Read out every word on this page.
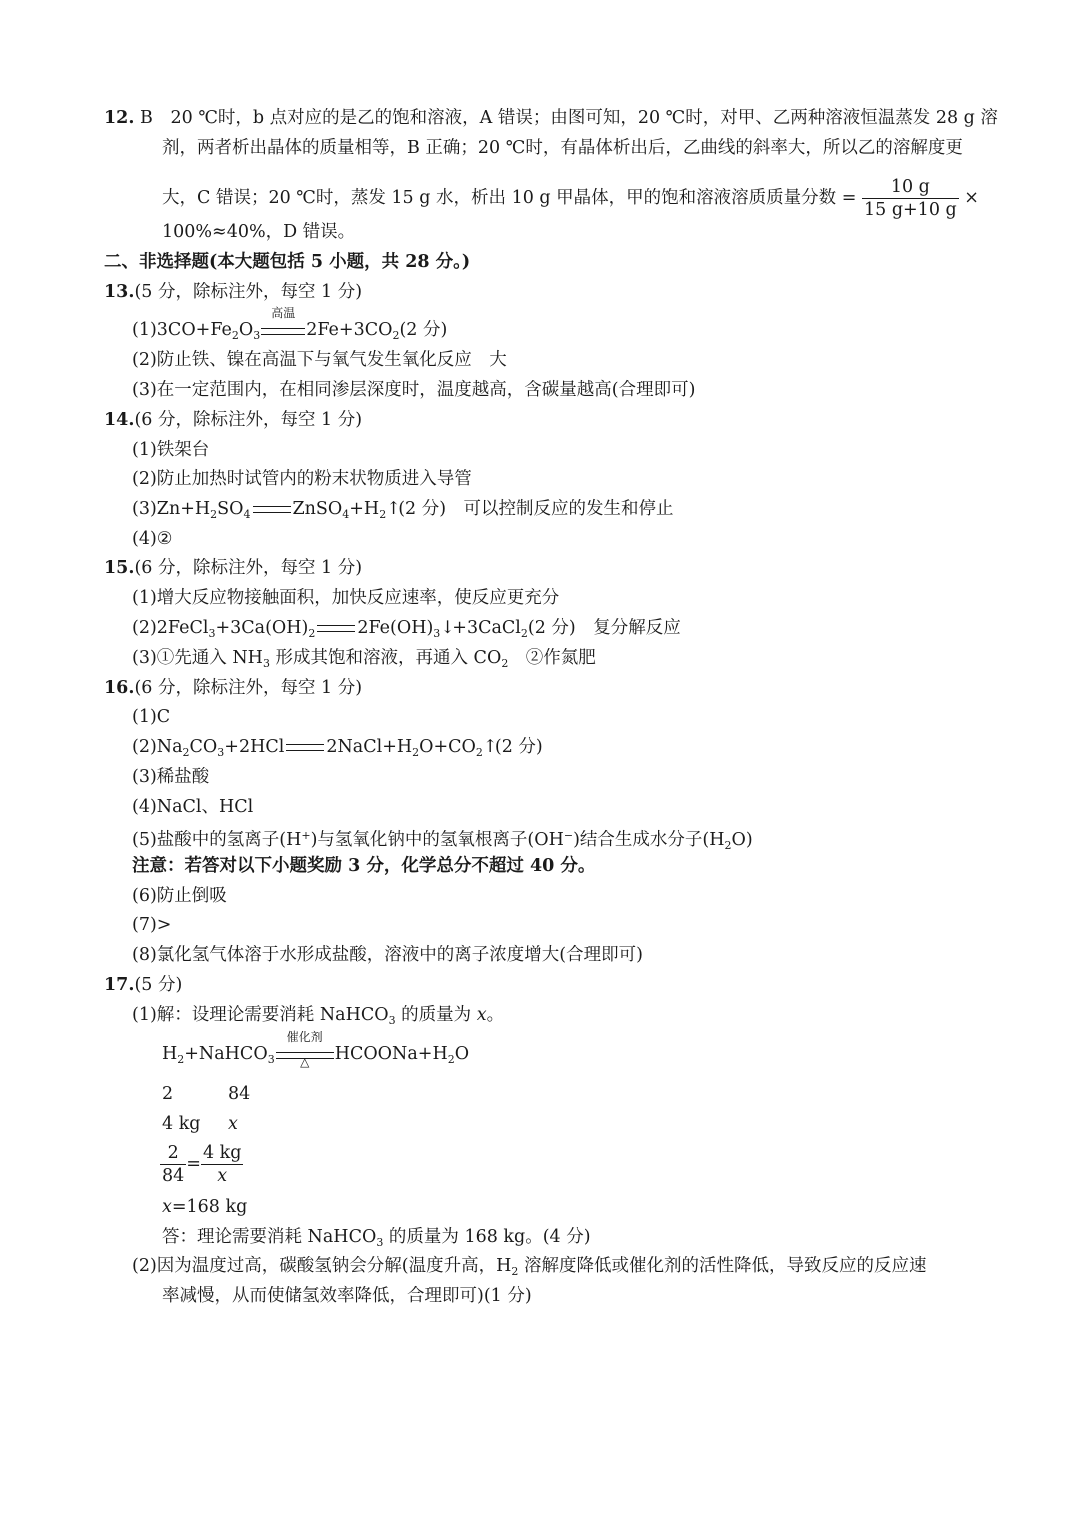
12. B 20 ℃时，b 点对应的是乙的饱和溶液，A 错误；由图可知，20 ℃时，对甲、乙两种溶液恒温蒸发 28 g 溶
剂，两者析出晶体的质量相等，B 正确；20 ℃时，有晶体析出后，乙曲线的斜率大，所以乙的溶解度更
大，C 错误；20 ℃时，蒸发 15 g 水，析出 10 g 甲晶体，甲的饱和溶液溶质质量分数 = $\frac{10 g}{15 g+10 g}$ ×
100%≈40%，D 错误。
二、非选择题(本大题包括 5 小题，共 28 分。)
13.(5 分，除标注外，每空 1 分)
$(1)3CO+Fe_2O_3$
高温
$2Fe+3CO_2(2$ 分)
(2)防止铁、镍在高温下与氧气发生氧化反应　大
(3)在一定范围内，在相同渗层深度时，温度越高，含碳量越高(合理即可)
14.(6 分，除标注外，每空 1 分)
(1)铁架台
(2)防止加热时试管内的粉末状物质进入导管
$(3)Zn+H_2SO_4$ $ZnSO_4+H_2↑(2$ 分)　可以控制反应的发生和停止
(4)②
15.(6 分，除标注外，每空 1 分)
(1)增大反应物接触面积，加快反应速率，使反应更充分
$(2)2FeCl_3+3Ca(OH)_2$ $2Fe(OH)_3↓+3CaCl_2(2$ 分)　复分解反应
(3)①先通入 $NH_3$ 形成其饱和溶液，再通入 $CO_2$　②作氮肥
16.(6 分，除标注外，每空 1 分)
(1)C
$(2)Na_2CO_3+2HCl$ $2NaCl+H_2O+CO_2↑(2$ 分)
(3)稀盐酸
(4)NaCl、HCl
(5)盐酸中的氢离子(H+)与氢氧化钠中的氢氧根离子(OH−)结合生成水分子$(H_2O)$
注意：若答对以下小题奖励 3 分，化学总分不超过 40 分。
(6)防止倒吸
(7)>
(8)氯化氢气体溶于水形成盐酸，溶液中的离子浓度增大(合理即可)
17.(5 分)
(1)解：设理论需要消耗 NaHCO$_3$ 的质量为 x。
$H_2+NaHCO_3$
催化剂
△	$HCOONa+H_2O$
2	84
4 kg x
$\frac{2}{84} = \frac{4 kg}{x}$
x=168 kg
答：理论需要消耗 NaHCO$_3$ 的质量为 168 kg。(4 分)
(2)因为温度过高，碳酸氢钠会分解(温度升高，$H_2$ 溶解度降低或催化剂的活性降低，导致反应的反应速
率减慢，从而使储氢效率降低，合理即可)(1 分)
